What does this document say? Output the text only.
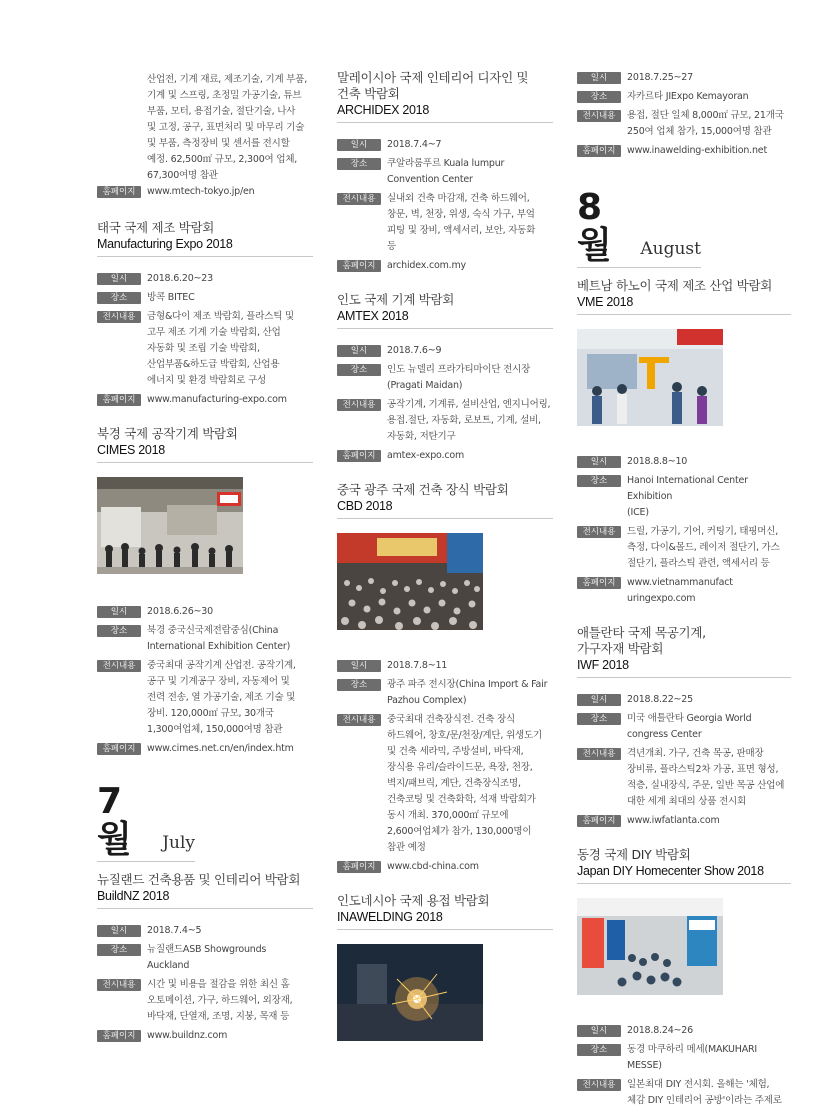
산업전, 기계 재료, 제조기술, 기계 부품,
기계 및 스프링, 초정밀 가공기술, 튜브
부품, 모터, 용접기술, 절단기술, 나사
및 고정, 공구, 표면처리 및 마무리 기술
및 부품, 측정장비 및 센서를 전시할
예정. 62,500㎡ 규모, 2,300여 업체,
67,300여명 참관
홈페이지	www.mtech-tokyo.jp/en
태국 국제 제조 박람회
Manufacturing Expo 2018
일시	2018.6.20~23
장소	방콕 BITEC
전시내용	금형&다이 제조 박람회, 플라스틱 및
고무 제조 기계 기술 박람회, 산업
자동화 및 조립 기술 박람회,
산업부품&하도급 박람회, 산업용
에너지 및 환경 박람회로 구성
홈페이지	www.manufacturing-expo.com
북경 국제 공작기계 박람회
CIMES 2018
일시	2018.6.26~30
장소	북경 중국신국제전람중심(China
International Exhibition Center)
전시내용	중국최대 공작기계 산업전. 공작기계,
공구 및 기계공구 장비, 자동제어 및
전력 전송, 열 가공기술, 제조 기술 및
장비. 120,000㎡ 규모, 30개국
1,300여업체, 150,000여명 참관
홈페이지	www.cimes.net.cn/en/index.htm
7월	July
뉴질랜드 건축용품 및 인테리어 박람회
BuildNZ 2018
일시	2018.7.4~5
장소	뉴질랜드ASB Showgrounds
Auckland
전시내용	시간 및 비용을 절감을 위한 최신 홈
오토메이션, 가구, 하드웨어, 외장재,
바닥재, 단열재, 조명, 지붕, 목재 등
홈페이지	www.buildnz.com
말레이시아 국제 인테리어 디자인 및
건축 박람회
ARCHIDEX 2018
일시	2018.7.4~7
장소	쿠알라룸푸르 Kuala lumpur
Convention Center
전시내용	실내외 건축 마감재, 건축 하드웨어,
창문, 벽, 천장, 위생, 숙식 가구, 부엌
피팅 및 장비, 액세서리, 보안, 자동화
등
홈페이지	archidex.com.my
인도 국제 기계 박람회
AMTEX 2018
일시	2018.7.6~9
장소	인도 뉴델리 프라가티마이단 전시장
(Pragati Maidan)
전시내용	공작기계, 기계류, 설비산업, 엔지니어링,
용접.절단, 자동화, 로보트, 기계, 설비,
자동화, 저탄기구
홈페이지	amtex-expo.com
중국 광주 국제 건축 장식 박람회
CBD 2018
일시	2018.7.8~11
장소	광주 파주 전시장(China Import & Fair
Pazhou Complex)
전시내용	중국최대 건축장식전. 건축 장식
하드웨어, 창호/문/천장/계단, 위생도기
및 건축 세라믹, 주방설비, 바닥재,
장식용 유리/슬라이드문, 욕장, 천장,
벽지/패브릭, 계단, 건축장식조명,
건축코팅 및 건축화학, 석재 박람회가
동시 개최. 370,000㎡ 규모에
2,600여업체가 참가, 130,000명이
참관 예정
홈페이지	www.cbd-china.com
인도네시아 국제 용접 박람회
INAWELDING 2018
일시	2018.7.25~27
장소	자카르타 JIExpo Kemayoran
전시내용	용접, 절단 일체 8,000㎡ 규모, 21개국
250여 업체 참가, 15,000여명 참관
홈페이지	www.inawelding-exhibition.net
8월	August
베트남 하노이 국제 제조 산업 박람회
VME 2018
일시	2018.8.8~10
장소	Hanoi International Center Exhibition
(ICE)
전시내용	드릴, 가공기, 기어, 커팅기, 태핑머신,
측정, 다이&몰드, 레이저 절단기, 가스
절단기, 플라스틱 관련, 액세서리 등
홈페이지	www.vietnammanufact
uringexpo.com
애틀란타 국제 목공기계,
가구자재 박람회
IWF 2018
일시	2018.8.22~25
장소	미국 애틀란타 Georgia World
congress Center
전시내용	격년개최. 가구, 건축 목공, 판매장
장비류, 플라스틱2차 가공, 표면 형성,
적층, 실내장식, 주문, 일반 목공 산업에
대한 세계 최대의 상품 전시회
홈페이지	www.iwfatlanta.com
동경 국제 DIY 박람회
Japan DIY Homecenter Show 2018
일시	2018.8.24~26
장소	동경 마쿠하리 메세(MAKUHARI
MESSE)
전시내용	일본최대 DIY 전시회. 올해는 '체험,
체감 DIY 인테리어 공방'이라는 주제로
